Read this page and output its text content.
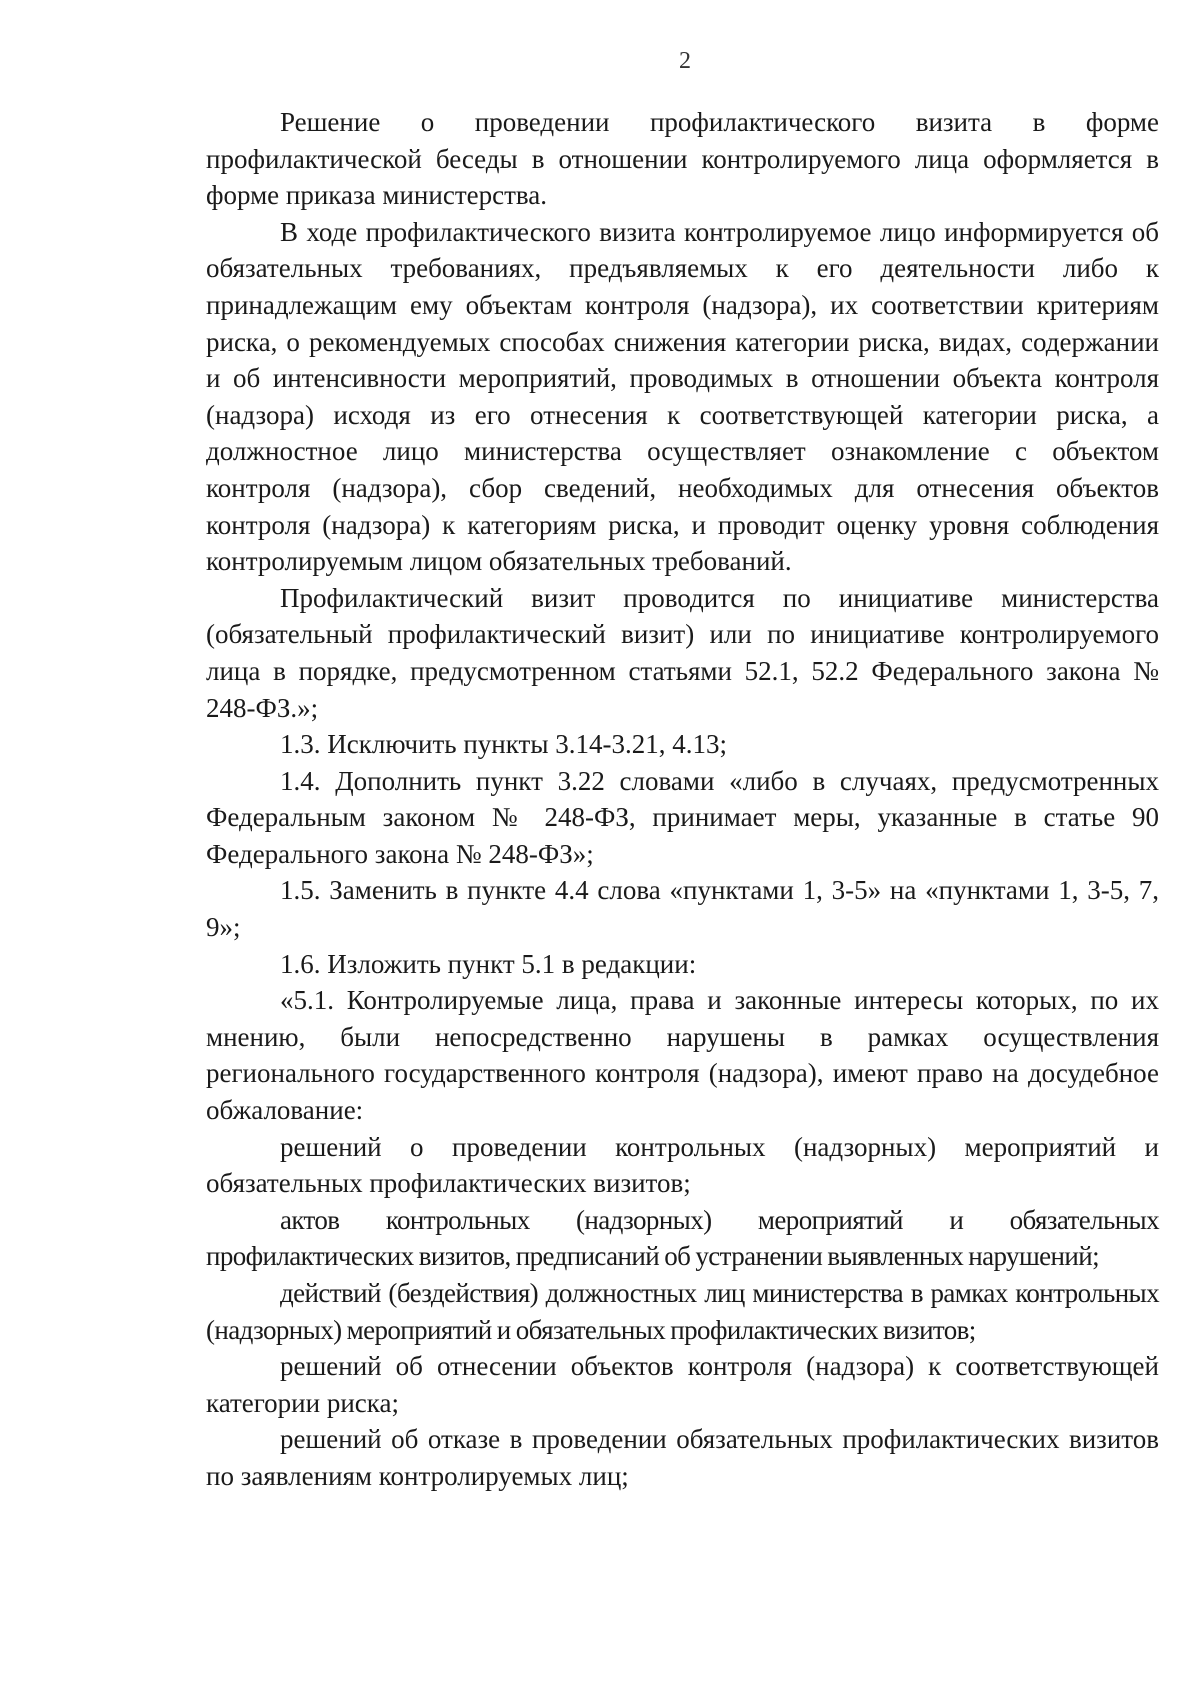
2

Решение о проведении профилактического визита в форме профилактической беседы в отношении контролируемого лица оформляется в форме приказа министерства.

В ходе профилактического визита контролируемое лицо информируется об обязательных требованиях, предъявляемых к его деятельности либо к принадлежащим ему объектам контроля (надзора), их соответствии критериям риска, о рекомендуемых способах снижения категории риска, видах, содержании и об интенсивности мероприятий, проводимых в отношении объекта контроля (надзора) исходя из его отнесения к соответствующей категории риска, а должностное лицо министерства осуществляет ознакомление с объектом контроля (надзора), сбор сведений, необходимых для отнесения объектов контроля (надзора) к категориям риска, и проводит оценку уровня соблюдения контролируемым лицом обязательных требований.

Профилактический визит проводится по инициативе министерства (обязательный профилактический визит) или по инициативе контролируемого лица в порядке, предусмотренном статьями 52.1, 52.2 Федерального закона № 248-ФЗ.»;

1.3. Исключить пункты 3.14-3.21, 4.13;

1.4. Дополнить пункт 3.22 словами «либо в случаях, предусмотренных Федеральным законом № 248-ФЗ, принимает меры, указанные в статье 90 Федерального закона № 248-ФЗ»;

1.5. Заменить в пункте 4.4 слова «пунктами 1, 3-5» на «пунктами 1, 3-5, 7, 9»;

1.6. Изложить пункт 5.1 в редакции:

«5.1. Контролируемые лица, права и законные интересы которых, по их мнению, были непосредственно нарушены в рамках осуществления регионального государственного контроля (надзора), имеют право на досудебное обжалование:

решений о проведении контрольных (надзорных) мероприятий и обязательных профилактических визитов;

актов контрольных (надзорных) мероприятий и обязательных профилактических визитов, предписаний об устранении выявленных нарушений;

действий (бездействия) должностных лиц министерства в рамках контрольных (надзорных) мероприятий и обязательных профилактических визитов;

решений об отнесении объектов контроля (надзора) к соответствующей категории риска;

решений об отказе в проведении обязательных профилактических визитов по заявлениям контролируемых лиц;
